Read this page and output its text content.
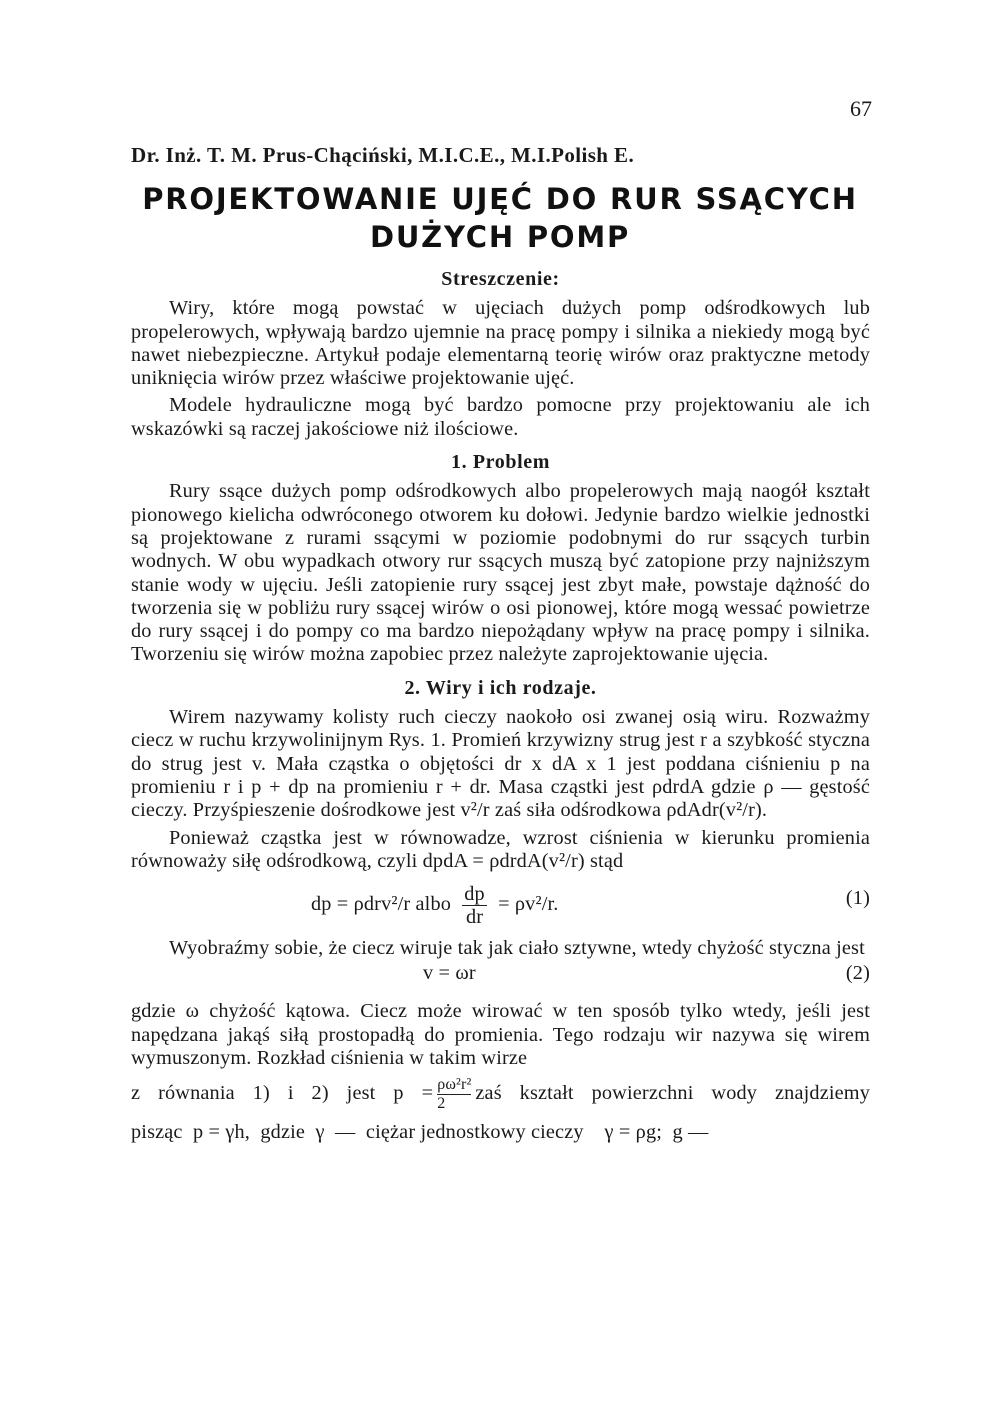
67
Dr. Inż. T. M. Prus-Chąciński, M.I.C.E., M.I.Polish E.
PROJEKTOWANIE UJĘĆ DO RUR SSĄCYCH
DUŻYCH POMP
Streszczenie:

Wiry, które mogą powstać w ujęciach dużych pomp odśrodkowych lub propelerowych, wpływają bardzo ujemnie na pracę pompy i silnika a niekiedy mogą być nawet niebezpieczne. Artykuł podaje elementarną teorię wirów oraz praktyczne metody uniknięcia wirów przez właściwe projektowanie ujęć.

Modele hydrauliczne mogą być bardzo pomocne przy projektowaniu ale ich wskazówki są raczej jakościowe niż ilościowe.

1. Problem

Rury ssące dużych pomp odśrodkowych albo propelerowych mają naogół kształt pionowego kielicha odwróconego otworem ku dołowi. Jedynie bardzo wielkie jednostki są projektowane z rurami ssącymi w poziomie podobnymi do rur ssących turbin wodnych. W obu wypadkach otwory rur ssących muszą być zatopione przy najniższym stanie wody w ujęciu. Jeśli zatopienie rury ssącej jest zbyt małe, powstaje dążność do tworzenia się w pobliżu rury ssącej wirów o osi pionowej, które mogą wessać powietrze do rury ssącej i do pompy co ma bardzo niepożądany wpływ na pracę pompy i silnika. Tworzeniu się wirów można zapobiec przez należyte zaprojektowanie ujęcia.

2. Wiry i ich rodzaje.

Wirem nazywamy kolisty ruch cieczy naokoło osi zwanej osią wiru. Rozważmy ciecz w ruchu krzywolinijnym Rys. 1. Promień krzywizny strug jest r a szybkość styczna do strug jest v. Mała cząstka o objętości dr x dA x 1 jest poddana ciśnieniu p na promieniu r i p + dp na promieniu r + dr. Masa cząstki jest ρdrdA gdzie ρ — gęstość cieczy. Przyśpieszenie dośrodkowe jest v²/r zaś siła odśrodkowa ρdAdr(v²/r).

Ponieważ cząstka jest w równowadze, wzrost ciśnienia w kierunku promienia równoważy siłę odśrodkową, czyli dpdA = ρdrdA(v²/r) stąd

dp = ρdrv²/r albo $\frac{dp}{dr} = \rho v^2/r$.	(1)

Wyobraźmy sobie, że ciecz wiruje tak jak ciało sztywne, wtedy chyżość styczna jest

v = ωr	(2)

gdzie ω chyżość kątowa. Ciecz może wirować w ten sposób tylko wtedy, jeśli jest napędzana jakąś siłą prostopadłą do promienia. Tego rodzaju wir nazywa się wirem wymuszonym. Rozkład ciśnienia w takim wirze

z równania 1) i 2) jest $p = \frac{\text{ρω²r²}}{2}$ zaś kształt powierzchni wody znajdziemy

pisząc  p = γh,  gdzie  γ  —  ciężar jednostkowy cieczy    γ = ρg;  g —
